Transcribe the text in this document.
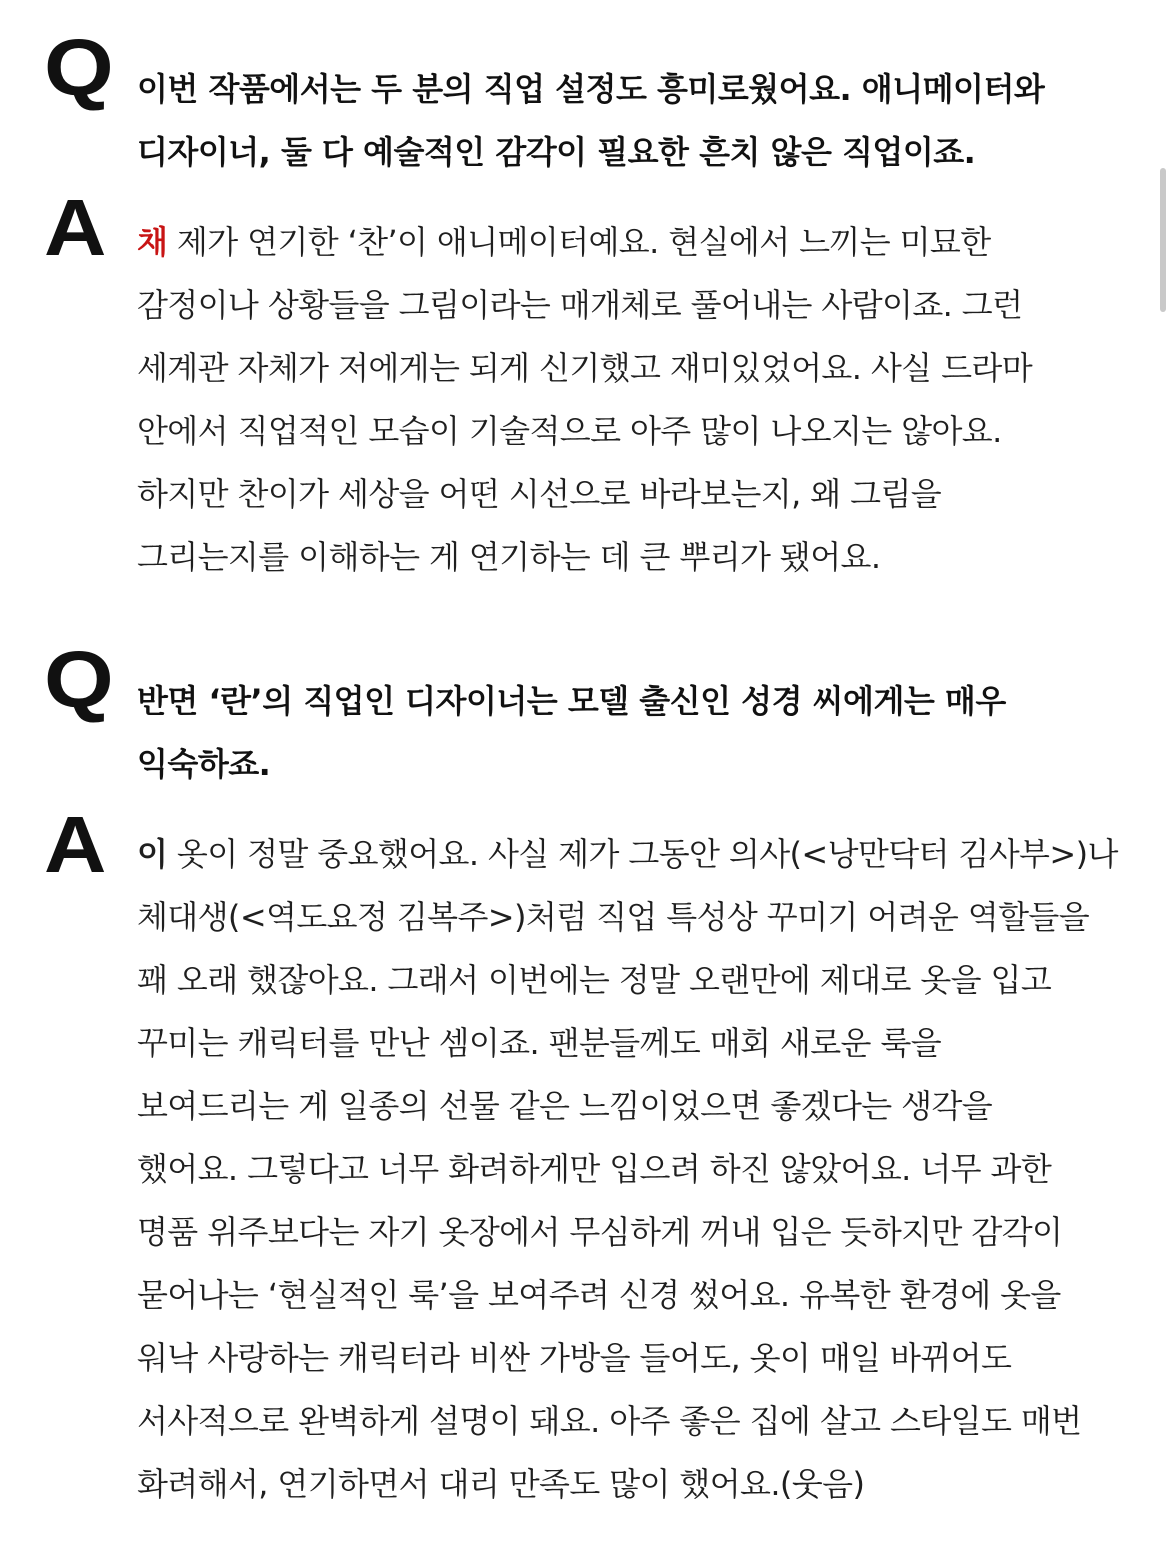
Q 이번 작품에서는 두 분의 직업 설정도 흥미로웠어요. 애니메이터와
디자이너, 둘 다 예술적인 감각이 필요한 흔치 않은 직업이죠.
A 채 제가 연기한 ‘찬’이 애니메이터예요. 현실에서 느끼는 미묘한
감정이나 상황들을 그림이라는 매개체로 풀어내는 사람이죠. 그런
세계관 자체가 저에게는 되게 신기했고 재미있었어요. 사실 드라마
안에서 직업적인 모습이 기술적으로 아주 많이 나오지는 않아요.
하지만 찬이가 세상을 어떤 시선으로 바라보는지, 왜 그림을
그리는지를 이해하는 게 연기하는 데 큰 뿌리가 됐어요.
Q 반면 ‘란’의 직업인 디자이너는 모델 출신인 성경 씨에게는 매우
익숙하죠.
A 이 옷이 정말 중요했어요. 사실 제가 그동안 의사(<낭만닥터 김사부>)나
체대생(<역도요정 김복주>)처럼 직업 특성상 꾸미기 어려운 역할들을
꽤 오래 했잖아요. 그래서 이번에는 정말 오랜만에 제대로 옷을 입고
꾸미는 캐릭터를 만난 셈이죠. 팬분들께도 매회 새로운 룩을
보여드리는 게 일종의 선물 같은 느낌이었으면 좋겠다는 생각을
했어요. 그렇다고 너무 화려하게만 입으려 하진 않았어요. 너무 과한
명품 위주보다는 자기 옷장에서 무심하게 꺼내 입은 듯하지만 감각이
묻어나는 ‘현실적인 룩’을 보여주려 신경 썼어요. 유복한 환경에 옷을
워낙 사랑하는 캐릭터라 비싼 가방을 들어도, 옷이 매일 바뀌어도
서사적으로 완벽하게 설명이 돼요. 아주 좋은 집에 살고 스타일도 매번
화려해서, 연기하면서 대리 만족도 많이 했어요.(웃음)
